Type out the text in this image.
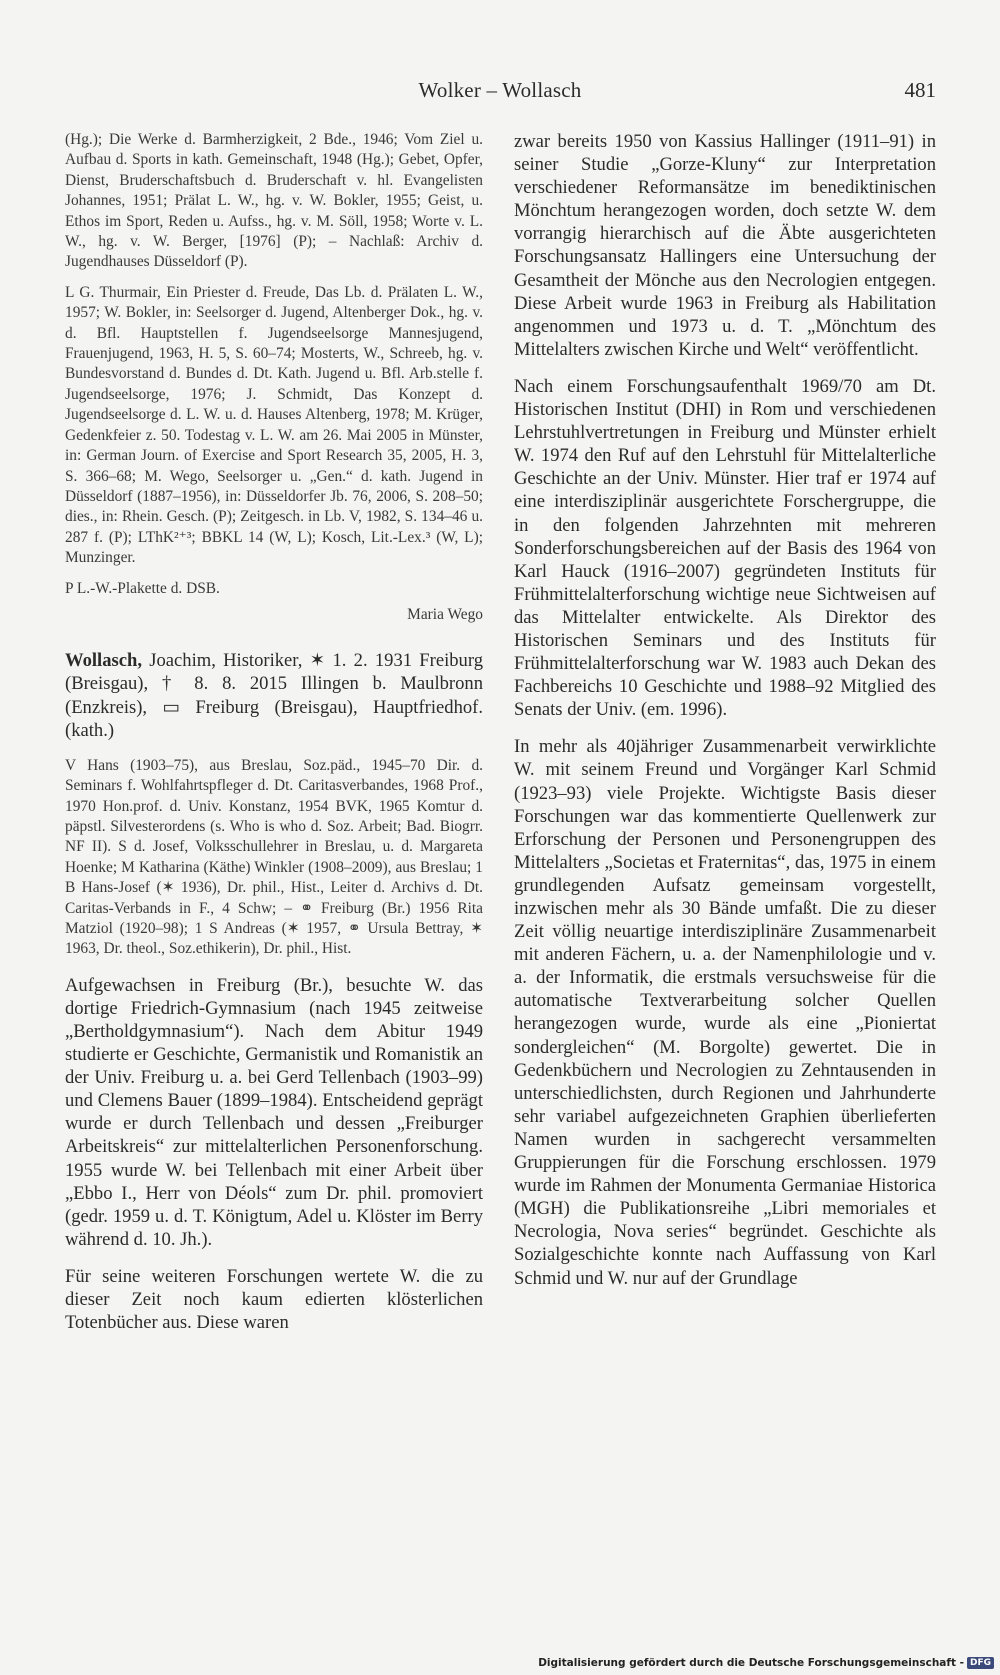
Wolker – Wollasch	481

(Hg.); Die Werke d. Barmherzigkeit, 2 Bde., 1946; Vom Ziel u. Aufbau d. Sports in kath. Gemeinschaft, 1948 (Hg.); Gebet, Opfer, Dienst, Bruderschaftsbuch d. Bruderschaft v. hl. Evangelisten Johannes, 1951; Prälat L. W., hg. v. W. Bokler, 1955; Geist, u. Ethos im Sport, Reden u. Aufss., hg. v. M. Söll, 1958; Worte v. L. W., hg. v. W. Berger, [1976] (P); – Nachlaß: Archiv d. Jugendhauses Düsseldorf (P).

L G. Thurmair, Ein Priester d. Freude, Das Lb. d. Prälaten L. W., 1957; W. Bokler, in: Seelsorger d. Jugend, Altenberger Dok., hg. v. d. Bfl. Hauptstellen f. Jugendseelsorge Mannesjugend, Frauenjugend, 1963, H. 5, S. 60–74; Mosterts, W., Schreeb, hg. v. Bundesvorstand d. Bundes d. Dt. Kath. Jugend u. Bfl. Arb.stelle f. Jugendseelsorge, 1976; J. Schmidt, Das Konzept d. Jugendseelsorge d. L. W. u. d. Hauses Altenberg, 1978; M. Krüger, Gedenkfeier z. 50. Todestag v. L. W. am 26. Mai 2005 in Münster, in: German Journ. of Exercise and Sport Research 35, 2005, H. 3, S. 366–68; M. Wego, Seelsorger u. „Gen.“ d. kath. Jugend in Düsseldorf (1887–1956), in: Düsseldorfer Jb. 76, 2006, S. 208–50; dies., in: Rhein. Gesch. (P); Zeitgesch. in Lb. V, 1982, S. 134–46 u. 287 f. (P); LThK²⁺³; BBKL 14 (W, L); Kosch, Lit.-Lex.³ (W, L); Munzinger.

P L.-W.-Plakette d. DSB.

Maria Wego

Wollasch, Joachim, Historiker, ✶ 1. 2. 1931 Freiburg (Breisgau), † 8. 8. 2015 Illingen b. Maulbronn (Enzkreis), ▭ Freiburg (Breisgau), Hauptfriedhof. (kath.)

V Hans (1903–75), aus Breslau, Soz.päd., 1945–70 Dir. d. Seminars f. Wohlfahrtspfleger d. Dt. Caritasverbandes, 1968 Prof., 1970 Hon.prof. d. Univ. Konstanz, 1954 BVK, 1965 Komtur d. päpstl. Silvesterordens (s. Who is who d. Soz. Arbeit; Bad. Biogrr. NF II). S d. Josef, Volksschullehrer in Breslau, u. d. Margareta Hoenke; M Katharina (Käthe) Winkler (1908–2009), aus Breslau; 1 B Hans-Josef (✶ 1936), Dr. phil., Hist., Leiter d. Archivs d. Dt. Caritas-Verbands in F., 4 Schw; – ⚭ Freiburg (Br.) 1956 Rita Matziol (1920–98); 1 S Andreas (✶ 1957, ⚭ Ursula Bettray, ✶ 1963, Dr. theol., Soz.ethikerin), Dr. phil., Hist.

Aufgewachsen in Freiburg (Br.), besuchte W. das dortige Friedrich-Gymnasium (nach 1945 zeitweise „Bertholdgymnasium“). Nach dem Abitur 1949 studierte er Geschichte, Germanistik und Romanistik an der Univ. Freiburg u. a. bei Gerd Tellenbach (1903–99) und Clemens Bauer (1899–1984). Entscheidend geprägt wurde er durch Tellenbach und dessen „Freiburger Arbeitskreis“ zur mittelalterlichen Personenforschung. 1955 wurde W. bei Tellenbach mit einer Arbeit über „Ebbo I., Herr von Déols“ zum Dr. phil. promoviert (gedr. 1959 u. d. T. Königtum, Adel u. Klöster im Berry während d. 10. Jh.).

Für seine weiteren Forschungen wertete W. die zu dieser Zeit noch kaum edierten klösterlichen Totenbücher aus. Diese waren

zwar bereits 1950 von Kassius Hallinger (1911–91) in seiner Studie „Gorze-Kluny“ zur Interpretation verschiedener Reformansätze im benediktinischen Mönchtum herangezogen worden, doch setzte W. dem vorrangig hierarchisch auf die Äbte ausgerichteten Forschungsansatz Hallingers eine Untersuchung der Gesamtheit der Mönche aus den Necrologien entgegen. Diese Arbeit wurde 1963 in Freiburg als Habilitation angenommen und 1973 u. d. T. „Mönchtum des Mittelalters zwischen Kirche und Welt“ veröffentlicht.

Nach einem Forschungsaufenthalt 1969/70 am Dt. Historischen Institut (DHI) in Rom und verschiedenen Lehrstuhlvertretungen in Freiburg und Münster erhielt W. 1974 den Ruf auf den Lehrstuhl für Mittelalterliche Geschichte an der Univ. Münster. Hier traf er 1974 auf eine interdisziplinär ausgerichtete Forschergruppe, die in den folgenden Jahrzehnten mit mehreren Sonderforschungsbereichen auf der Basis des 1964 von Karl Hauck (1916–2007) gegründeten Instituts für Frühmittelalterforschung wichtige neue Sichtweisen auf das Mittelalter entwickelte. Als Direktor des Historischen Seminars und des Instituts für Frühmittelalterforschung war W. 1983 auch Dekan des Fachbereichs 10 Geschichte und 1988–92 Mitglied des Senats der Univ. (em. 1996).

In mehr als 40jähriger Zusammenarbeit verwirklichte W. mit seinem Freund und Vorgänger Karl Schmid (1923–93) viele Projekte. Wichtigste Basis dieser Forschungen war das kommentierte Quellenwerk zur Erforschung der Personen und Personengruppen des Mittelalters „Societas et Fraternitas“, das, 1975 in einem grundlegenden Aufsatz gemeinsam vorgestellt, inzwischen mehr als 30 Bände umfaßt. Die zu dieser Zeit völlig neuartige interdisziplinäre Zusammenarbeit mit anderen Fächern, u. a. der Namenphilologie und v. a. der Informatik, die erstmals versuchsweise für die automatische Textverarbeitung solcher Quellen herangezogen wurde, wurde als eine „Pioniertat sondergleichen“ (M. Borgolte) gewertet. Die in Gedenkbüchern und Necrologien zu Zehntausenden in unterschiedlichsten, durch Regionen und Jahrhunderte sehr variabel aufgezeichneten Graphien überlieferten Namen wurden in sachgerecht versammelten Gruppierungen für die Forschung erschlossen. 1979 wurde im Rahmen der Monumenta Germaniae Historica (MGH) die Publikationsreihe „Libri memoriales et Necrologia, Nova series“ begründet. Geschichte als Sozialgeschichte konnte nach Auffassung von Karl Schmid und W. nur auf der Grundlage

Digitalisierung gefördert durch die Deutsche Forschungsgemeinschaft - DFG
